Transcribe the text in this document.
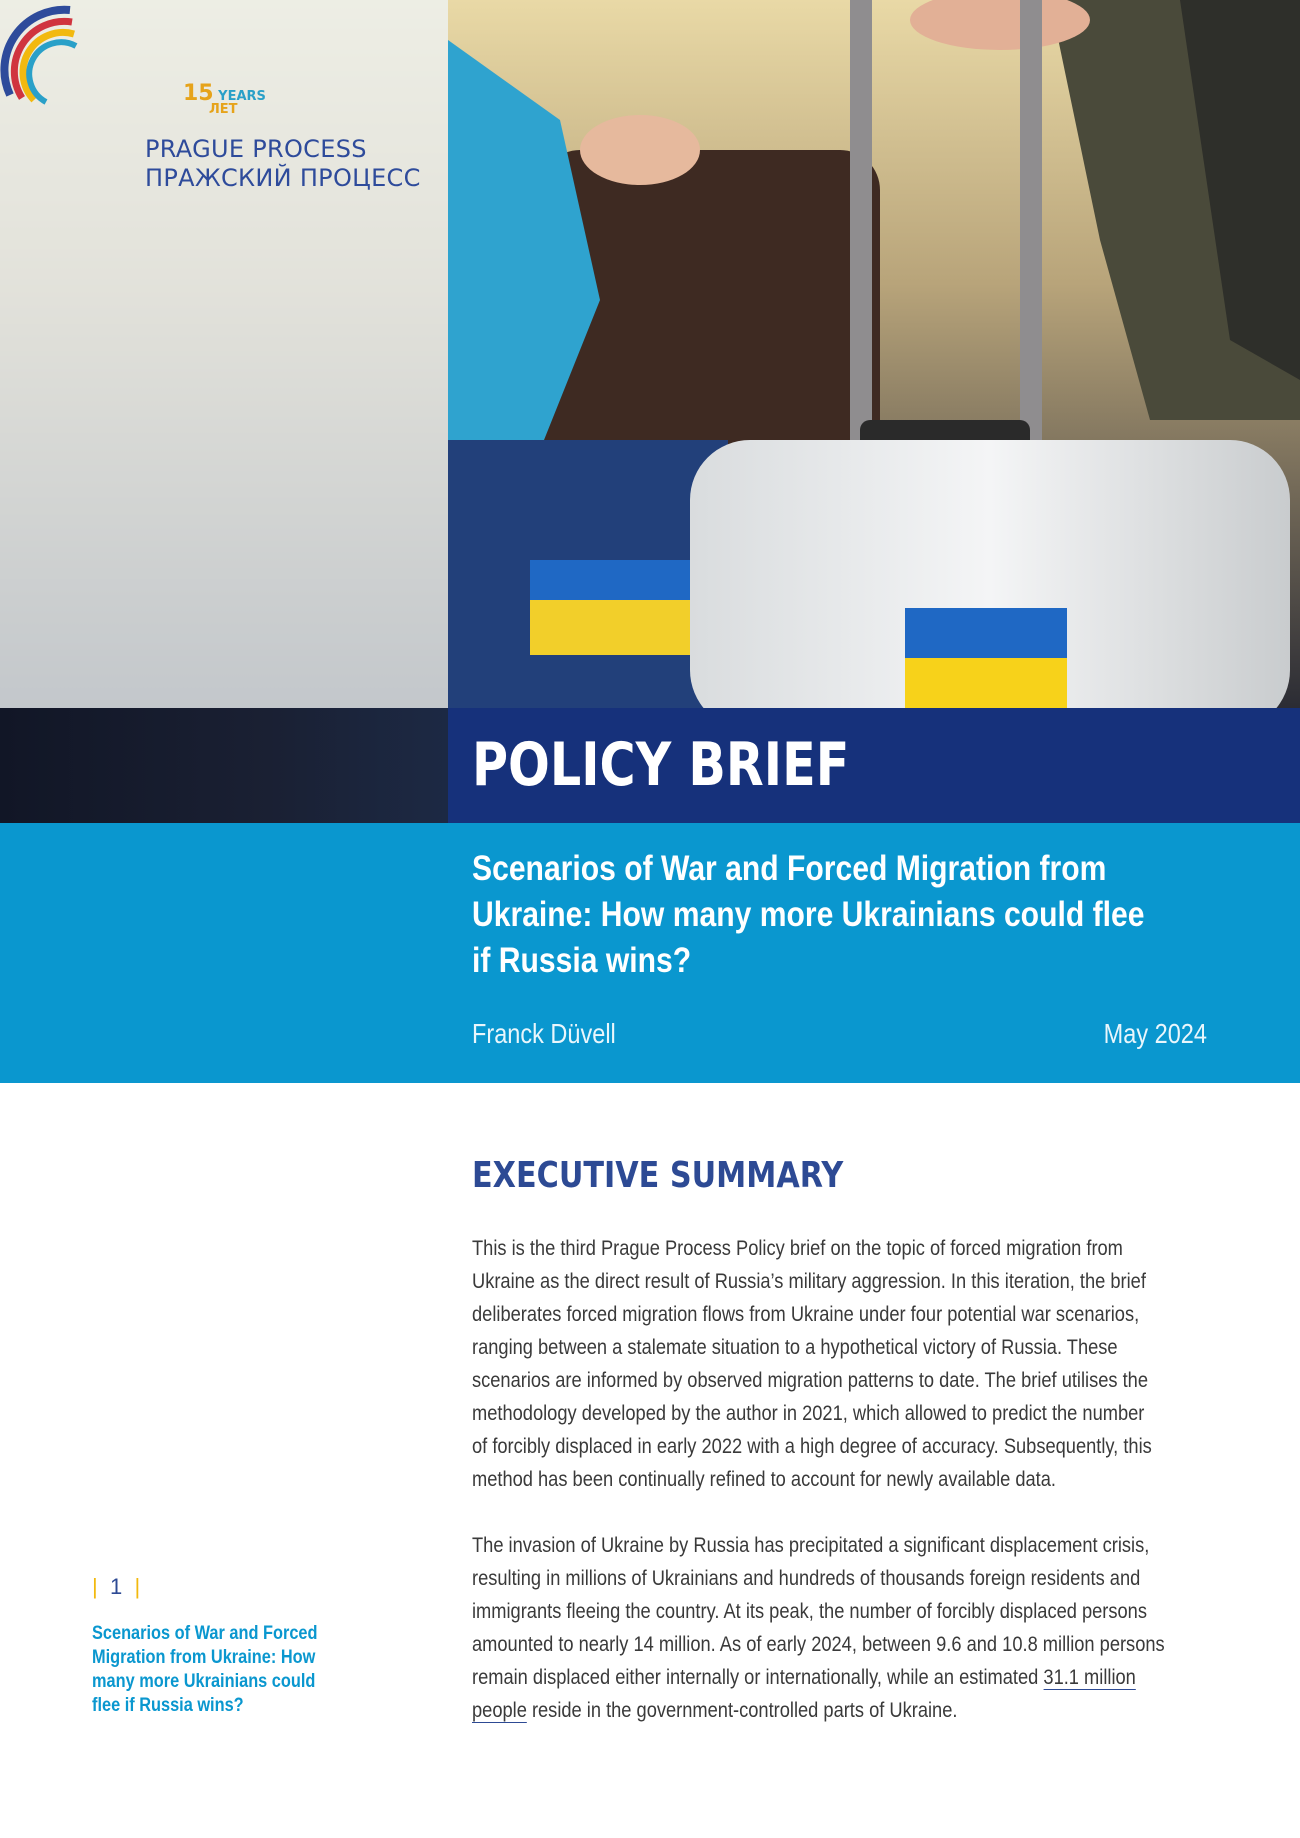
15 YEARS
ЛЕТ
PRAGUE PROCESS
ПРАЖСКИЙ ПРОЦЕСС
POLICY BRIEF
Scenarios of War and Forced Migration from
Ukraine: How many more Ukrainians could flee
if Russia wins?
Franck Düvell	May 2024
EXECUTIVE SUMMARY
This is the third Prague Process Policy brief on the topic of forced migration from
Ukraine as the direct result of Russia’s military aggression. In this iteration, the brief
deliberates forced migration flows from Ukraine under four potential war scenarios,
ranging between a stalemate situation to a hypothetical victory of Russia. These
scenarios are informed by observed migration patterns to date. The brief utilises the
methodology developed by the author in 2021, which allowed to predict the number
of forcibly displaced in early 2022 with a high degree of accuracy. Subsequently, this
method has been continually refined to account for newly available data.
The invasion of Ukraine by Russia has precipitated a significant displacement crisis,
resulting in millions of Ukrainians and hundreds of thousands foreign residents and
immigrants fleeing the country. At its peak, the number of forcibly displaced persons
amounted to nearly 14 million. As of early 2024, between 9.6 and 10.8 million persons
remain displaced either internally or internationally, while an estimated 31.1 million
people reside in the government-controlled parts of Ukraine.
| 1 |
Scenarios of War and Forced
Migration from Ukraine: How
many more Ukrainians could
flee if Russia wins?
